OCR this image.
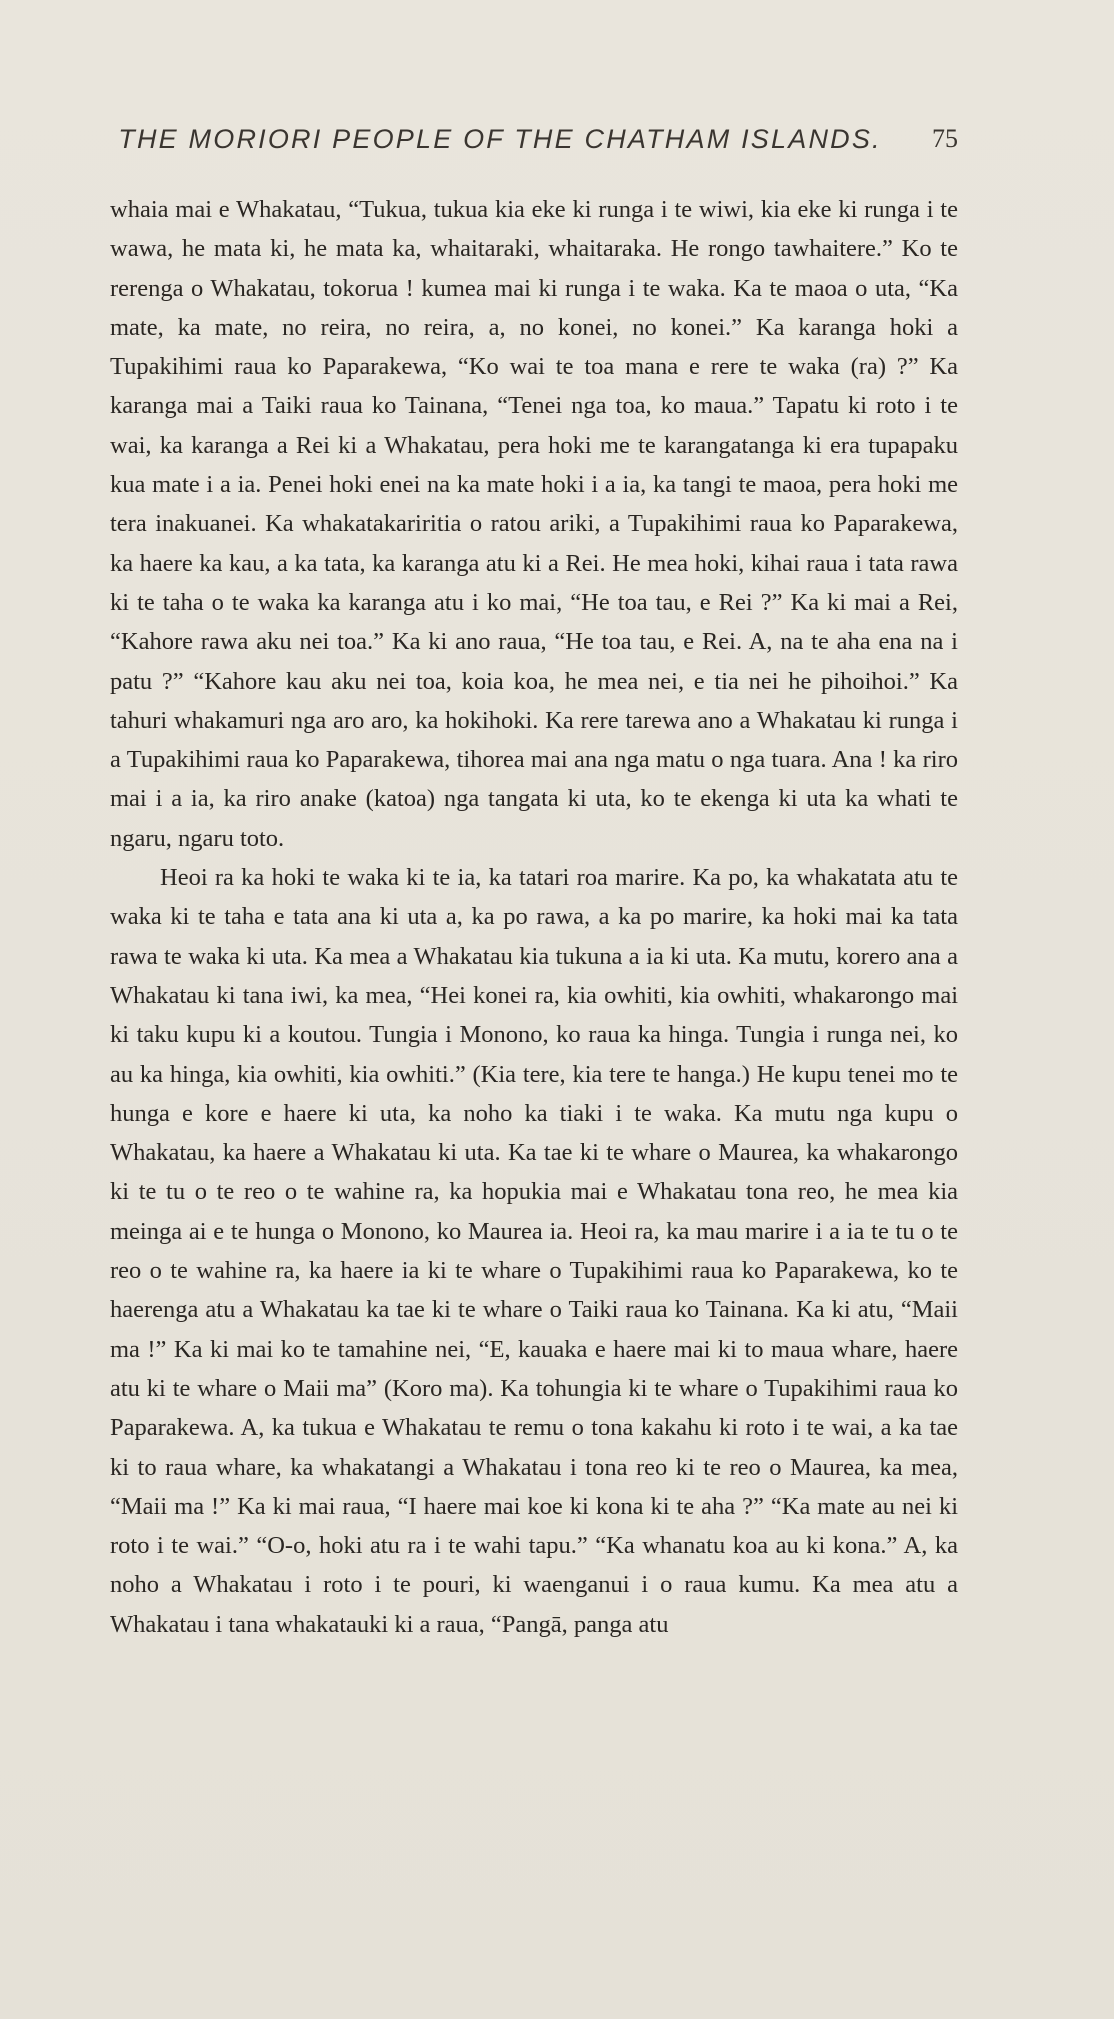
THE MORIORI PEOPLE OF THE CHATHAM ISLANDS.	75

whaia mai e Whakatau, “Tukua, tukua kia eke ki runga i te wiwi, kia eke ki runga i te wawa, he mata ki, he mata ka, whaitaraki, whaitaraka. He rongo tawhaitere.” Ko te rerenga o Whakatau, tokorua ! kumea mai ki runga i te waka. Ka te maoa o uta, “Ka mate, ka mate, no reira, no reira, a, no konei, no konei.” Ka karanga hoki a Tupakihimi raua ko Paparakewa, “Ko wai te toa mana e rere te waka (ra) ?” Ka karanga mai a Taiki raua ko Tainana, “Tenei nga toa, ko maua.” Tapatu ki roto i te wai, ka karanga a Rei ki a Whakatau, pera hoki me te karangatanga ki era tupapaku kua mate i a ia. Penei hoki enei na ka mate hoki i a ia, ka tangi te maoa, pera hoki me tera inakuanei. Ka whakatakariritia o ratou ariki, a Tupakihimi raua ko Paparakewa, ka haere ka kau, a ka tata, ka karanga atu ki a Rei. He mea hoki, kihai raua i tata rawa ki te taha o te waka ka karanga atu i ko mai, “He toa tau, e Rei ?” Ka ki mai a Rei, “Kahore rawa aku nei toa.” Ka ki ano raua, “He toa tau, e Rei. A, na te aha ena na i patu ?” “Kahore kau aku nei toa, koia koa, he mea nei, e tia nei he pihoihoi.” Ka tahuri whakamuri nga aro aro, ka hokihoki. Ka rere tarewa ano a Whakatau ki runga i a Tupakihimi raua ko Paparakewa, tihorea mai ana nga matu o nga tuara. Ana ! ka riro mai i a ia, ka riro anake (katoa) nga tangata ki uta, ko te ekenga ki uta ka whati te ngaru, ngaru toto.

Heoi ra ka hoki te waka ki te ia, ka tatari roa marire. Ka po, ka whakatata atu te waka ki te taha e tata ana ki uta a, ka po rawa, a ka po marire, ka hoki mai ka tata rawa te waka ki uta. Ka mea a Whakatau kia tukuna a ia ki uta. Ka mutu, korero ana a Whakatau ki tana iwi, ka mea, “Hei konei ra, kia owhiti, kia owhiti, whakarongo mai ki taku kupu ki a koutou. Tungia i Monono, ko raua ka hinga. Tungia i runga nei, ko au ka hinga, kia owhiti, kia owhiti.” (Kia tere, kia tere te hanga.) He kupu tenei mo te hunga e kore e haere ki uta, ka noho ka tiaki i te waka. Ka mutu nga kupu o Whakatau, ka haere a Whakatau ki uta. Ka tae ki te whare o Maurea, ka whakarongo ki te tu o te reo o te wahine ra, ka hopukia mai e Whakatau tona reo, he mea kia meinga ai e te hunga o Monono, ko Maurea ia. Heoi ra, ka mau marire i a ia te tu o te reo o te wahine ra, ka haere ia ki te whare o Tupakihimi raua ko Paparakewa, ko te haerenga atu a Whakatau ka tae ki te whare o Taiki raua ko Tainana. Ka ki atu, “Maii ma !” Ka ki mai ko te tamahine nei, “E, kauaka e haere mai ki to maua whare, haere atu ki te whare o Maii ma” (Koro ma). Ka tohungia ki te whare o Tupakihimi raua ko Paparakewa. A, ka tukua e Whakatau te remu o tona kakahu ki roto i te wai, a ka tae ki to raua whare, ka whakatangi a Whakatau i tona reo ki te reo o Maurea, ka mea, “Maii ma !” Ka ki mai raua, “I haere mai koe ki kona ki te aha ?” “Ka mate au nei ki roto i te wai.” “O-o, hoki atu ra i te wahi tapu.” “Ka whanatu koa au ki kona.” A, ka noho a Whakatau i roto i te pouri, ki waenganui i o raua kumu. Ka mea atu a Whakatau i tana whakatauki ki a raua, “Pangā, panga atu
